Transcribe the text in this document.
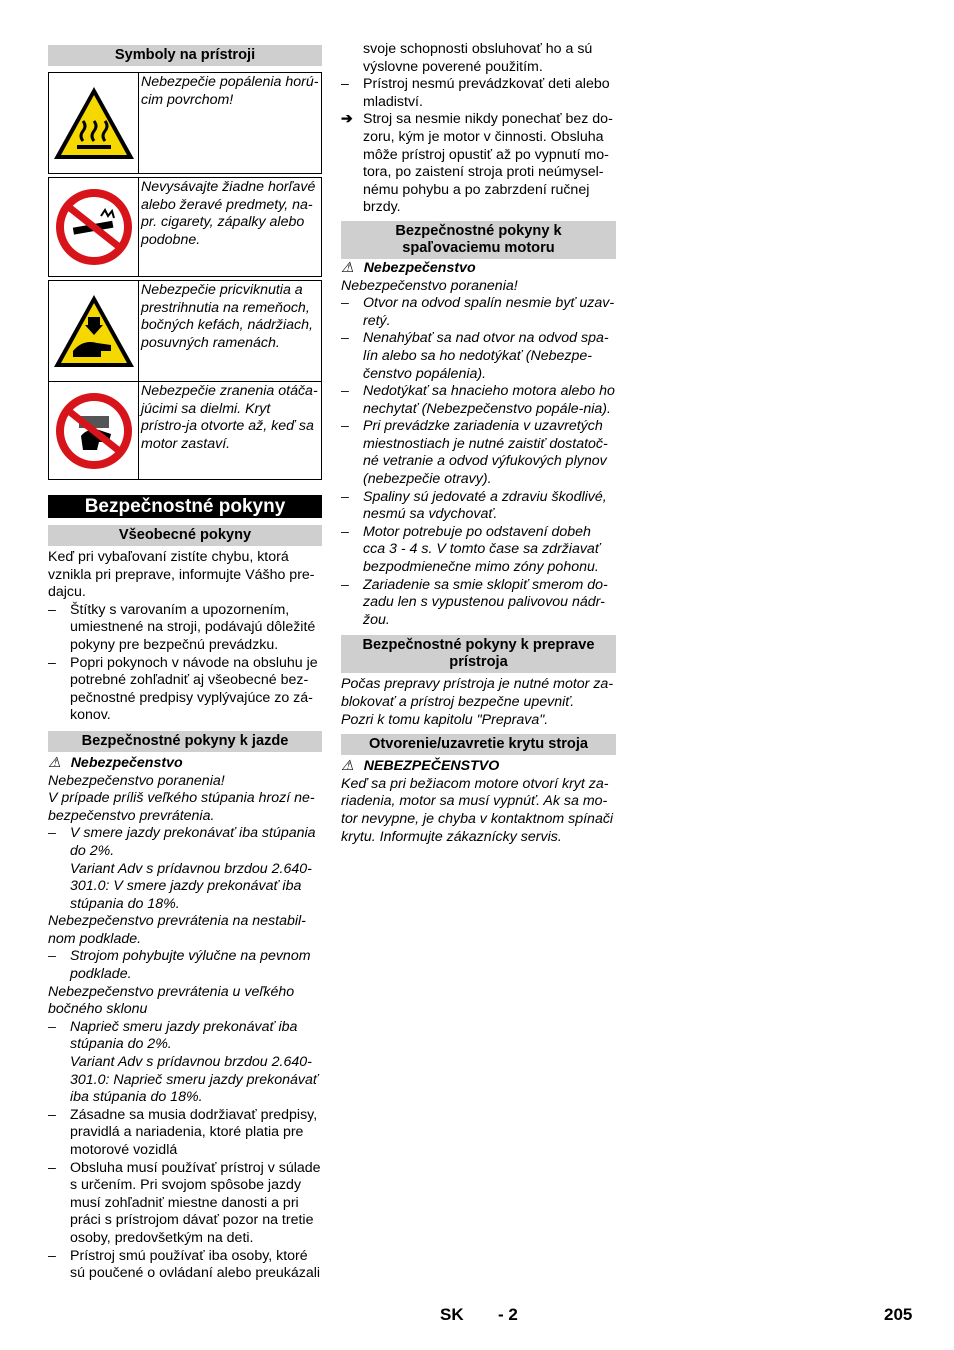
Symboly na prístroji
Nebezpečie popálenia horú-cim povrchom!
Nevysávajte žiadne horľavé alebo žeravé predmety, na-pr. cigarety, zápalky alebo podobne.
Nebezpečie pricviknutia a prestrihnutia na remeňoch, bočných kefách, nádržiach, posuvných ramenách.
Nebezpečie zranenia otáča-júcimi sa dielmi. Kryt prístro-ja otvorte až, keď sa motor zastaví.
Bezpečnostné pokyny
Všeobecné pokyny

Keď pri vybaľovaní zistíte chybu, ktorá vznikla pri preprave, informujte Vášho pre-dajcu.

– Štítky s varovaním a upozornením, umiestnené na stroji, podávajú dôležité pokyny pre bezpečnú prevádzku.

– Popri pokynoch v návode na obsluhu je potrebné zohľadniť aj všeobecné bez-pečnostné predpisy vyplývajúce zo zá-konov.

Bezpečnostné pokyny k jazde

⚠ Nebezpečenstvo

Nebezpečenstvo poranenia!

V prípade príliš veľkého stúpania hrozí ne-bezpečenstvo prevrátenia.

– V smere jazdy prekonávať iba stúpania do 2%.

Variant Adv s prídavnou brzdou 2.640-301.0: V smere jazdy prekonávať iba stúpania do 18%.

Nebezpečenstvo prevrátenia na nestabil-nom podklade.

– Strojom pohybujte výlučne na pevnom podklade.

Nebezpečenstvo prevrátenia u veľkého bočného sklonu

– Naprieč smeru jazdy prekonávať iba stúpania do 2%.

Variant Adv s prídavnou brzdou 2.640-301.0: Naprieč smeru jazdy prekonávať iba stúpania do 18%.

– Zásadne sa musia dodržiavať predpisy, pravidlá a nariadenia, ktoré platia pre motorové vozidlá

– Obsluha musí používať prístroj v súlade s určením. Pri svojom spôsobe jazdy musí zohľadniť miestne danosti a pri práci s prístrojom dávať pozor na tretie osoby, predovšetkým na deti.

– Prístroj smú používať iba osoby, ktoré sú poučené o ovládaní alebo preukázali

svoje schopnosti obsluhovať ho a sú výslovne poverené použitím.

– Prístroj nesmú prevádzkovať deti alebo mladiství.

➔ Stroj sa nesmie nikdy ponechať bez do-zoru, kým je motor v činnosti. Obsluha môže prístroj opustiť až po vypnutí mo-tora, po zaistení stroja proti neúmysel-nému pohybu a po zabrzdení ručnej brzdy.

Bezpečnostné pokyny k spaľovaciemu motoru

⚠ Nebezpečenstvo

Nebezpečenstvo poranenia!

– Otvor na odvod spalín nesmie byť uzav-retý.

– Nenahýbať sa nad otvor na odvod spa-lín alebo sa ho nedotýkať (Nebezpe-čenstvo popálenia).

– Nedotýkať sa hnacieho motora alebo ho nechytať (Nebezpečenstvo popále-nia).

– Pri prevádzke zariadenia v uzavretých miestnostiach je nutné zaistiť dostatoč-né vetranie a odvod výfukových plynov (nebezpečie otravy).

– Spaliny sú jedovaté a zdraviu škodlivé, nesmú sa vdychovať.

– Motor potrebuje po odstavení dobeh cca 3 - 4 s. V tomto čase sa zdržiavať bezpodmienečne mimo zóny pohonu.

– Zariadenie sa smie sklopiť smerom do-zadu len s vypustenou palivovou nádr-žou.

Bezpečnostné pokyny k preprave prístroja

Počas prepravy prístroja je nutné motor za-blokovať a prístroj bezpečne upevniť.

Pozri k tomu kapitolu "Preprava".

Otvorenie/uzavretie krytu stroja

⚠ NEBEZPEČENSTVO

Keď sa pri bežiacom motore otvorí kryt za-riadenia, motor sa musí vypnúť. Ak sa mo-tor nevypne, je chyba v kontaktnom spínači krytu. Informujte zákaznícky servis.

SK - 2	205
